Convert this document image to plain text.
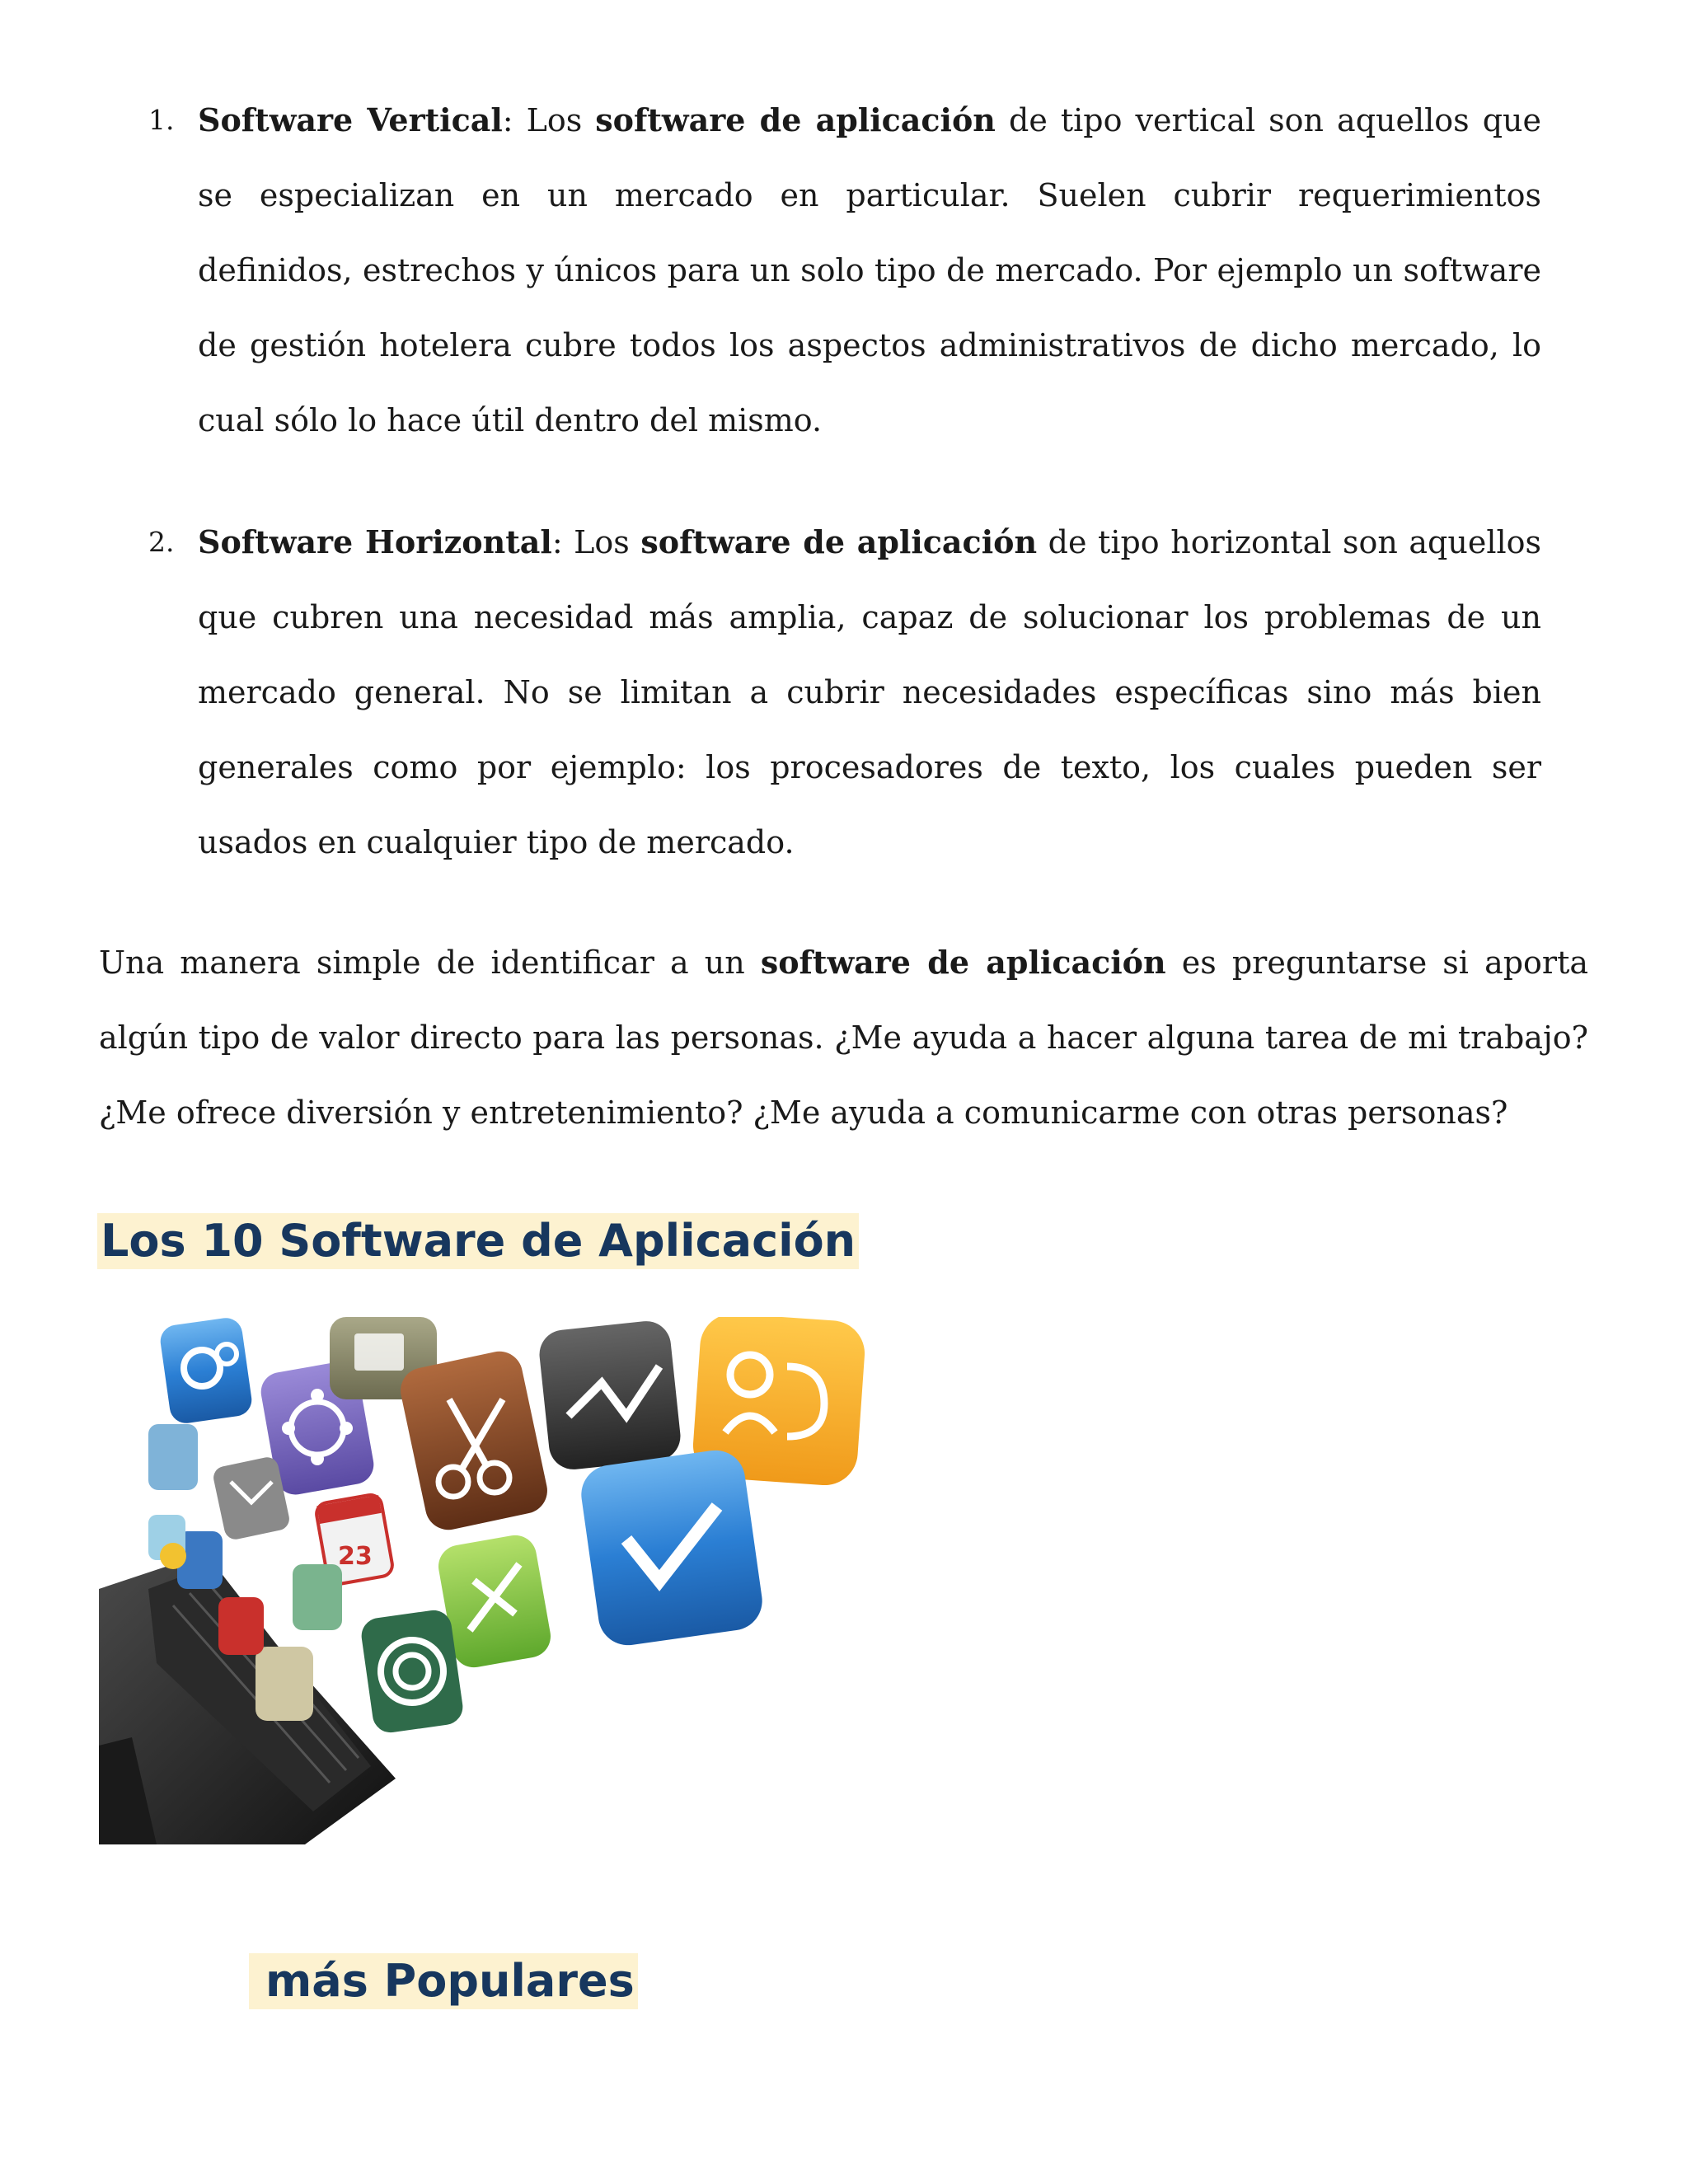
1. Software Vertical: Los software de aplicación de tipo vertical son aquellos que se especializan en un mercado en particular. Suelen cubrir requerimientos definidos, estrechos y únicos para un solo tipo de mercado. Por ejemplo un software de gestión hotelera cubre todos los aspectos administrativos de dicho mercado, lo cual sólo lo hace útil dentro del mismo.
2. Software Horizontal: Los software de aplicación de tipo horizontal son aquellos que cubren una necesidad más amplia, capaz de solucionar los problemas de un mercado general. No se limitan a cubrir necesidades específicas sino más bien generales como por ejemplo: los procesadores de texto, los cuales pueden ser usados en cualquier tipo de mercado.

Una manera simple de identificar a un software de aplicación es preguntarse si aporta algún tipo de valor directo para las personas. ¿Me ayuda a hacer alguna tarea de mi trabajo? ¿Me ofrece diversión y entretenimiento? ¿Me ayuda a comunicarme con otras personas?

Los 10 Software de Aplicación
23
más Populares
